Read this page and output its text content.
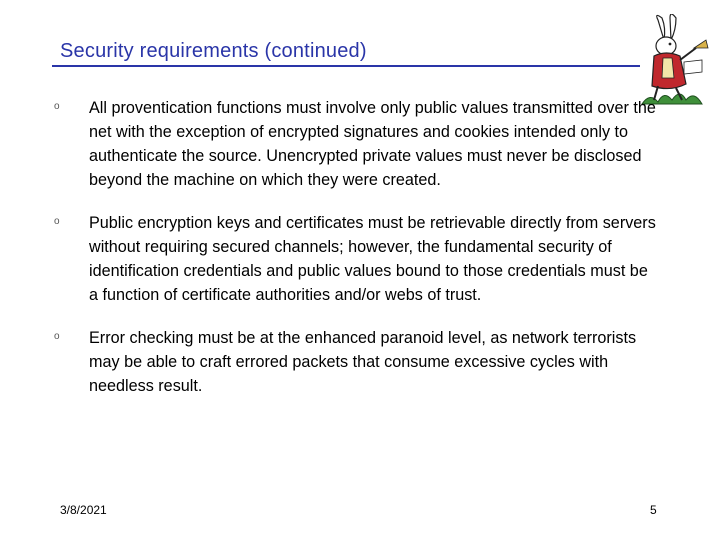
Security requirements (continued)
o All proventication functions must involve only public values transmitted over the net with the exception of encrypted signatures and cookies intended only to authenticate the source. Unencrypted private values must never be disclosed beyond the machine on which they were created.
o Public encryption keys and certificates must be retrievable directly from servers without requiring secured channels; however, the fundamental security of identification credentials and public values bound to those credentials must be a function of certificate authorities and/or webs of trust.
o Error checking must be at the enhanced paranoid level, as network terrorists may be able to craft errored packets that consume excessive cycles with needless result.
3/8/2021	5
